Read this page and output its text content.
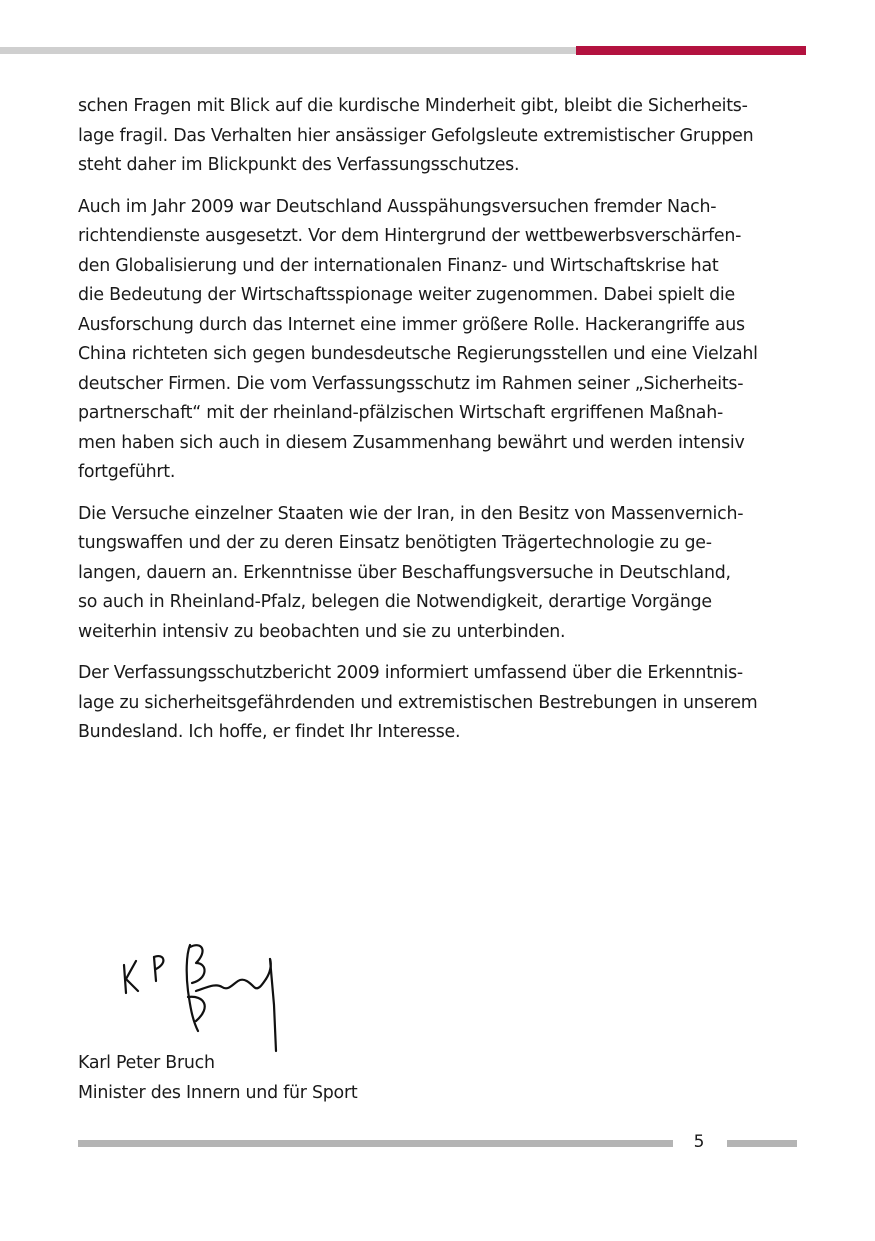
schen Fragen mit Blick auf die kurdische Minderheit gibt, bleibt die Sicherheits-
lage fragil. Das Verhalten hier ansässiger Gefolgsleute extremistischer Gruppen
steht daher im Blickpunkt des Verfassungsschutzes.

Auch im Jahr 2009 war Deutschland Ausspähungsversuchen fremder Nach-
richtendienste ausgesetzt. Vor dem Hintergrund der wettbewerbsverschärfen-
den Globalisierung und der internationalen Finanz- und Wirtschaftskrise hat
die Bedeutung der Wirtschaftsspionage weiter zugenommen. Dabei spielt die
Ausforschung durch das Internet eine immer größere Rolle. Hackerangriffe aus
China richteten sich gegen bundesdeutsche Regierungsstellen und eine Vielzahl
deutscher Firmen. Die vom Verfassungsschutz im Rahmen seiner „Sicherheits-
partnerschaft“ mit der rheinland-pfälzischen Wirtschaft ergriffenen Maßnah-
men haben sich auch in diesem Zusammenhang bewährt und werden intensiv
fortgeführt.

Die Versuche einzelner Staaten wie der Iran, in den Besitz von Massenvernich-
tungswaffen und der zu deren Einsatz benötigten Trägertechnologie zu ge-
langen, dauern an. Erkenntnisse über Beschaffungsversuche in Deutschland,
so auch in Rheinland-Pfalz, belegen die Notwendigkeit, derartige Vorgänge
weiterhin intensiv zu beobachten und sie zu unterbinden.

Der Verfassungsschutzbericht 2009 informiert umfassend über die Erkenntnis-
lage zu sicherheitsgefährdenden und extremistischen Bestrebungen in unserem
Bundesland. Ich hoffe, er findet Ihr Interesse.

Karl Peter Bruch
Minister des Innern und für Sport
5
